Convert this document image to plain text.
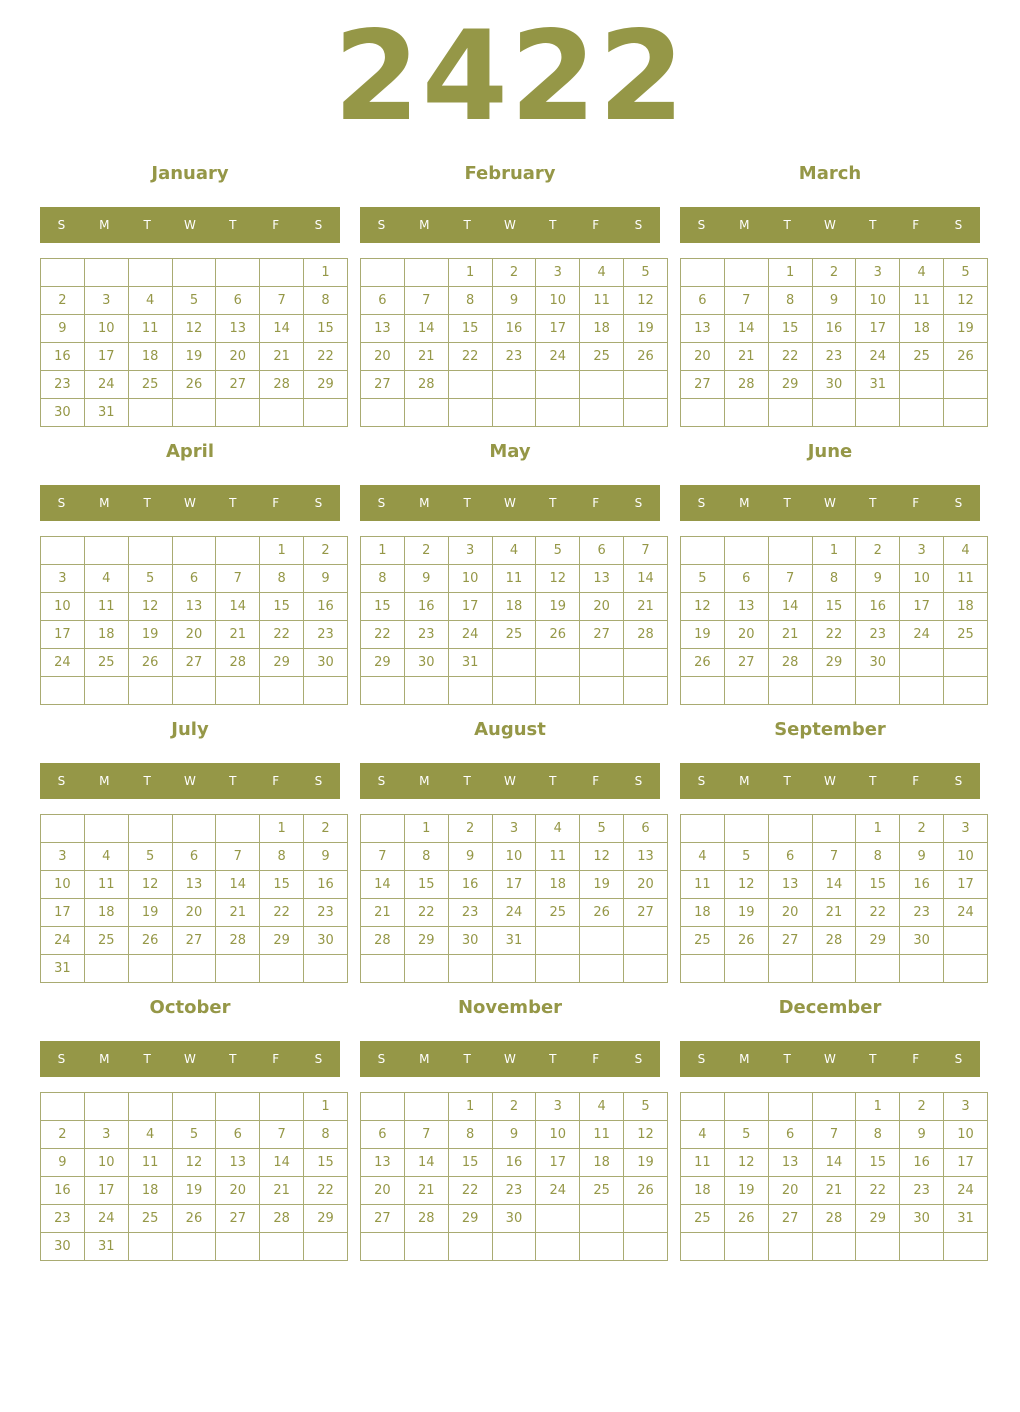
2422
January
S	M	T	W	T	F	S
						1
2	3	4	5	6	7	8
9	10	11	12	13	14	15
16	17	18	19	20	21	22
23	24	25	26	27	28	29
30	31					
February
S	M	T	W	T	F	S
		1	2	3	4	5
6	7	8	9	10	11	12
13	14	15	16	17	18	19
20	21	22	23	24	25	26
27	28					

March
S	M	T	W	T	F	S
		1	2	3	4	5
6	7	8	9	10	11	12
13	14	15	16	17	18	19
20	21	22	23	24	25	26
27	28	29	30	31		

April
S	M	T	W	T	F	S
					1	2
3	4	5	6	7	8	9
10	11	12	13	14	15	16
17	18	19	20	21	22	23
24	25	26	27	28	29	30

May
S	M	T	W	T	F	S
1	2	3	4	5	6	7
8	9	10	11	12	13	14
15	16	17	18	19	20	21
22	23	24	25	26	27	28
29	30	31				

June
S	M	T	W	T	F	S
			1	2	3	4
5	6	7	8	9	10	11
12	13	14	15	16	17	18
19	20	21	22	23	24	25
26	27	28	29	30		

July
S	M	T	W	T	F	S
					1	2
3	4	5	6	7	8	9
10	11	12	13	14	15	16
17	18	19	20	21	22	23
24	25	26	27	28	29	30
31						
August
S	M	T	W	T	F	S
	1	2	3	4	5	6
7	8	9	10	11	12	13
14	15	16	17	18	19	20
21	22	23	24	25	26	27
28	29	30	31			

September
S	M	T	W	T	F	S
				1	2	3
4	5	6	7	8	9	10
11	12	13	14	15	16	17
18	19	20	21	22	23	24
25	26	27	28	29	30	

October
S	M	T	W	T	F	S
						1
2	3	4	5	6	7	8
9	10	11	12	13	14	15
16	17	18	19	20	21	22
23	24	25	26	27	28	29
30	31					
November
S	M	T	W	T	F	S
		1	2	3	4	5
6	7	8	9	10	11	12
13	14	15	16	17	18	19
20	21	22	23	24	25	26
27	28	29	30			

December
S	M	T	W	T	F	S
				1	2	3
4	5	6	7	8	9	10
11	12	13	14	15	16	17
18	19	20	21	22	23	24
25	26	27	28	29	30	31
